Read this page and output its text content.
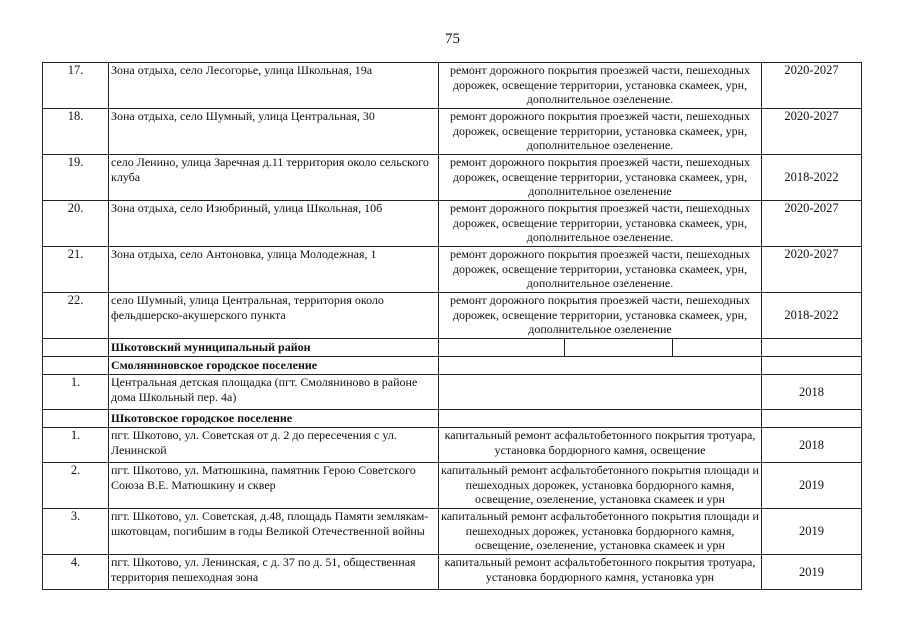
75
17.	Зона отдыха, село Лесогорье, улица Школьная, 19а	ремонт дорожного покрытия проезжей части, пешеходных дорожек, освещение территории, установка скамеек, урн, дополнительное озеленение.	2020-2027
18.	Зона отдыха, село Шумный, улица Центральная, 30	ремонт дорожного покрытия проезжей части, пешеходных дорожек, освещение территории, установка скамеек, урн, дополнительное озеленение.	2020-2027
19.	село Ленино, улица Заречная д.11 территория около сельского клуба	ремонт дорожного покрытия проезжей части, пешеходных дорожек, освещение территории, установка скамеек, урн, дополнительное озеленение	2018-2022
20.	Зона отдыха, село Изюбриный, улица Школьная, 10б	ремонт дорожного покрытия проезжей части, пешеходных дорожек, освещение территории, установка скамеек, урн, дополнительное озеленение.	2020-2027
21.	Зона отдыха, село Антоновка, улица Молодежная, 1	ремонт дорожного покрытия проезжей части, пешеходных дорожек, освещение территории, установка скамеек, урн, дополнительное озеленение.	2020-2027
22.	село Шумный, улица Центральная, территория около фельдшерско-акушерского пункта	ремонт дорожного покрытия проезжей части, пешеходных дорожек, освещение территории, установка скамеек, урн, дополнительное озеленение	2018-2022
	Шкотовский муниципальный район	

	Смоляниновское городское поселение		
1.	Центральная детская площадка (пгт. Смоляниново в районе дома Школьный пер. 4а)		2018
	Шкотовское городское поселение		
1.	пгт. Шкотово, ул. Советская от д. 2 до пересечения с ул. Ленинской	капитальный ремонт асфальтобетонного покрытия тротуара, установка бордюрного камня, освещение	2018
2.	пгт. Шкотово, ул. Матюшкина, памятник Герою Советского Союза В.Е. Матюшкину и сквер	капитальный ремонт асфальтобетонного покрытия площади и пешеходных дорожек, установка бордюрного камня, освещение, озеленение, установка скамеек и урн	2019
3.	пгт. Шкотово, ул. Советская, д.48, площадь Памяти землякам-шкотовцам, погибшим в годы Великой Отечественной войны	капитальный ремонт асфальтобетонного покрытия площади и пешеходных дорожек, установка бордюрного камня, освещение, озеленение, установка скамеек и урн	2019
4.	пгт. Шкотово, ул. Ленинская, с д. 37 по д. 51, общественная территория пешеходная зона	капитальный ремонт асфальтобетонного покрытия тротуара, установка бордюрного камня, установка урн	2019
